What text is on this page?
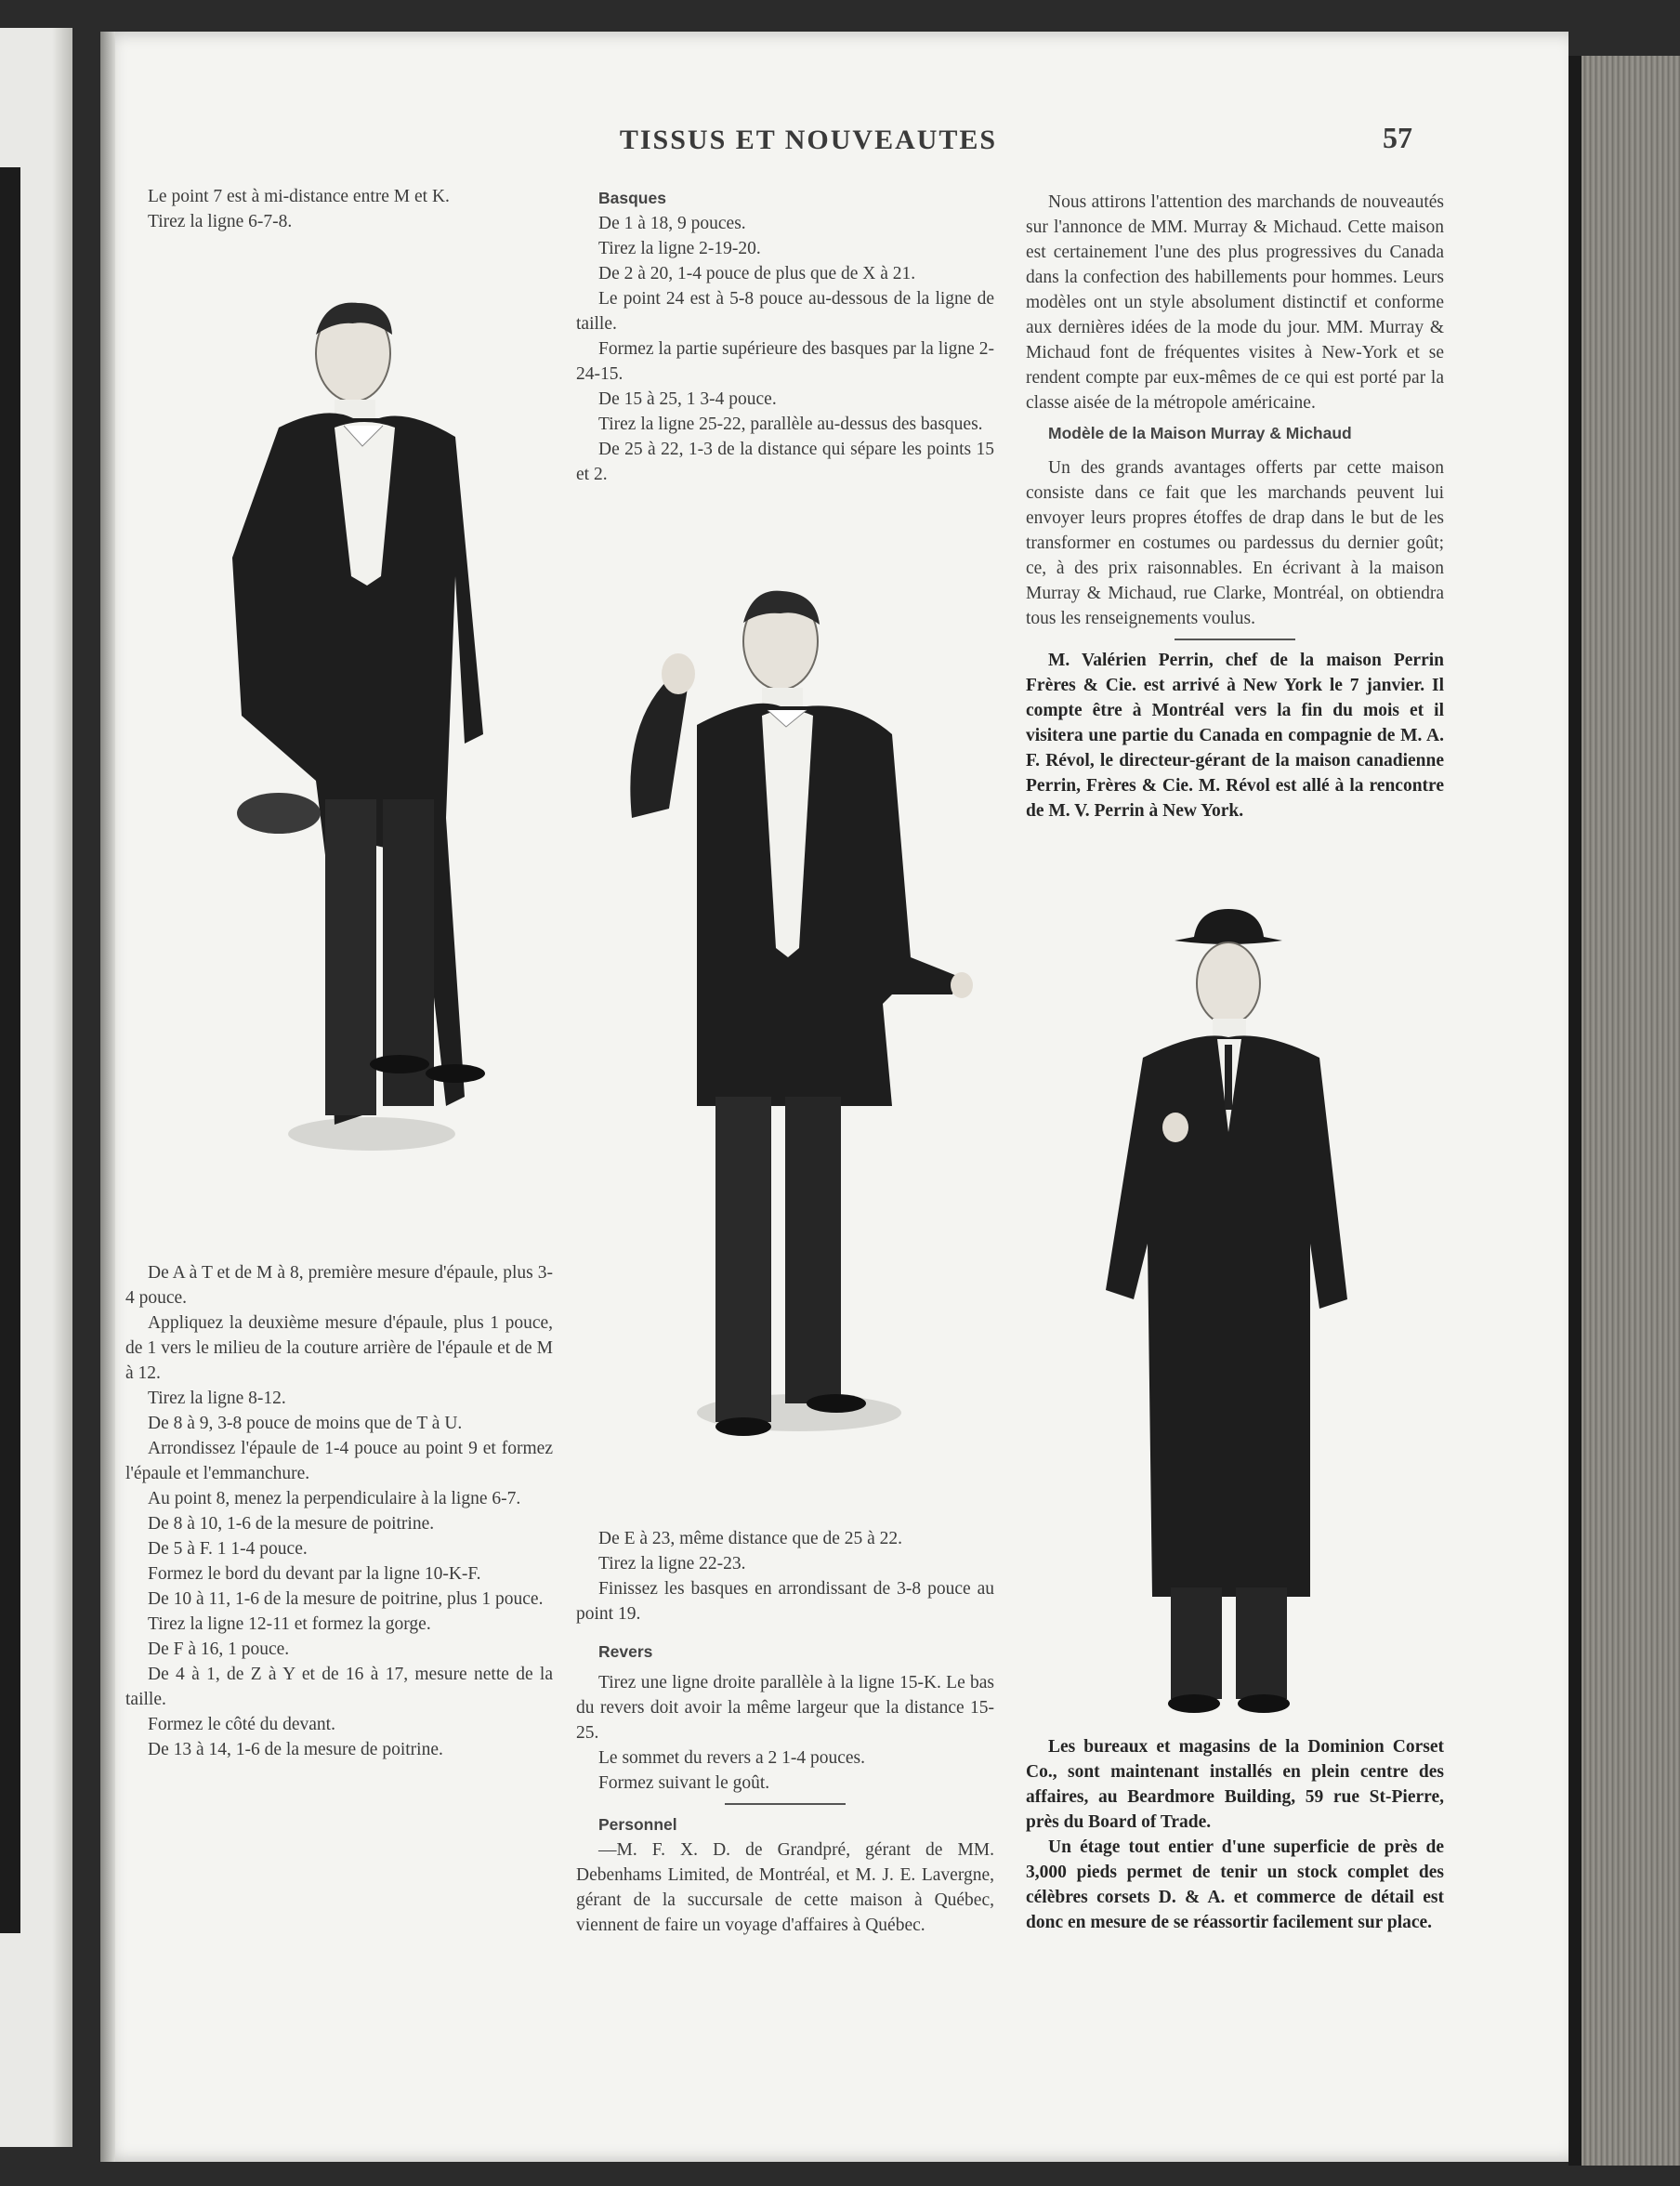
TISSUS ET NOUVEAUTES	57

Le point 7 est à mi-distance entre M et K.

Tirez la ligne 6-7-8.

De A à T et de M à 8, première mesure d'épaule, plus 3-4 pouce.

Appliquez la deuxième mesure d'épaule, plus 1 pouce, de 1 vers le milieu de la couture arrière de l'épaule et de M à 12.

Tirez la ligne 8-12.

De 8 à 9, 3-8 pouce de moins que de T à U.

Arrondissez l'épaule de 1-4 pouce au point 9 et formez l'épaule et l'emmanchure.

Au point 8, menez la perpendiculaire à la ligne 6-7.

De 8 à 10, 1-6 de la mesure de poitrine.

De 5 à F. 1 1-4 pouce.

Formez le bord du devant par la ligne 10-K-F.

De 10 à 11, 1-6 de la mesure de poitrine, plus 1 pouce.

Tirez la ligne 12-11 et formez la gorge.

De F à 16, 1 pouce.

De 4 à 1, de Z à Y et de 16 à 17, mesure nette de la taille.

Formez le côté du devant.

De 13 à 14, 1-6 de la mesure de poitrine.

Basques

De 1 à 18, 9 pouces.

Tirez la ligne 2-19-20.

De 2 à 20, 1-4 pouce de plus que de X à 21.

Le point 24 est à 5-8 pouce au-dessous de la ligne de taille.

Formez la partie supérieure des basques par la ligne 2-24-15.

De 15 à 25, 1 3-4 pouce.

Tirez la ligne 25-22, parallèle au-dessus des basques.

De 25 à 22, 1-3 de la distance qui sépare les points 15 et 2.

De E à 23, même distance que de 25 à 22.

Tirez la ligne 22-23.

Finissez les basques en arrondissant de 3-8 pouce au point 19.

Revers

Tirez une ligne droite parallèle à la ligne 15-K. Le bas du revers doit avoir la même largeur que la distance 15-25.

Le sommet du revers a 2 1-4 pouces.

Formez suivant le goût.

Personnel

—M. F. X. D. de Grandpré, gérant de MM. Debenhams Limited, de Montréal, et M. J. E. Lavergne, gérant de la succursale de cette maison à Québec, viennent de faire un voyage d'affaires à Québec.

Nous attirons l'attention des marchands de nouveautés sur l'annonce de MM. Murray & Michaud. Cette maison est certainement l'une des plus progressives du Canada dans la confection des habillements pour hommes. Leurs modèles ont un style absolument distinctif et conforme aux dernières idées de la mode du jour. MM. Murray & Michaud font de fréquentes visites à New-York et se rendent compte par eux-mêmes de ce qui est porté par la classe aisée de la métropole américaine.

Modèle de la Maison Murray & Michaud

Un des grands avantages offerts par cette maison consiste dans ce fait que les marchands peuvent lui envoyer leurs propres étoffes de drap dans le but de les transformer en costumes ou pardessus du dernier goût; ce, à des prix raisonnables. En écrivant à la maison Murray & Michaud, rue Clarke, Montréal, on obtiendra tous les renseignements voulus.

M. Valérien Perrin, chef de la maison Perrin Frères & Cie. est arrivé à New York le 7 janvier. Il compte être à Montréal vers la fin du mois et il visitera une partie du Canada en compagnie de M. A. F. Révol, le directeur-gérant de la maison canadienne Perrin, Frères & Cie. M. Révol est allé à la rencontre de M. V. Perrin à New York.

Les bureaux et magasins de la Dominion Corset Co., sont maintenant installés en plein centre des affaires, au Beardmore Building, 59 rue St-Pierre, près du Board of Trade.

Un étage tout entier d'une superficie de près de 3,000 pieds permet de tenir un stock complet des célèbres corsets D. & A. et commerce de détail est donc en mesure de se réassortir facilement sur place.
